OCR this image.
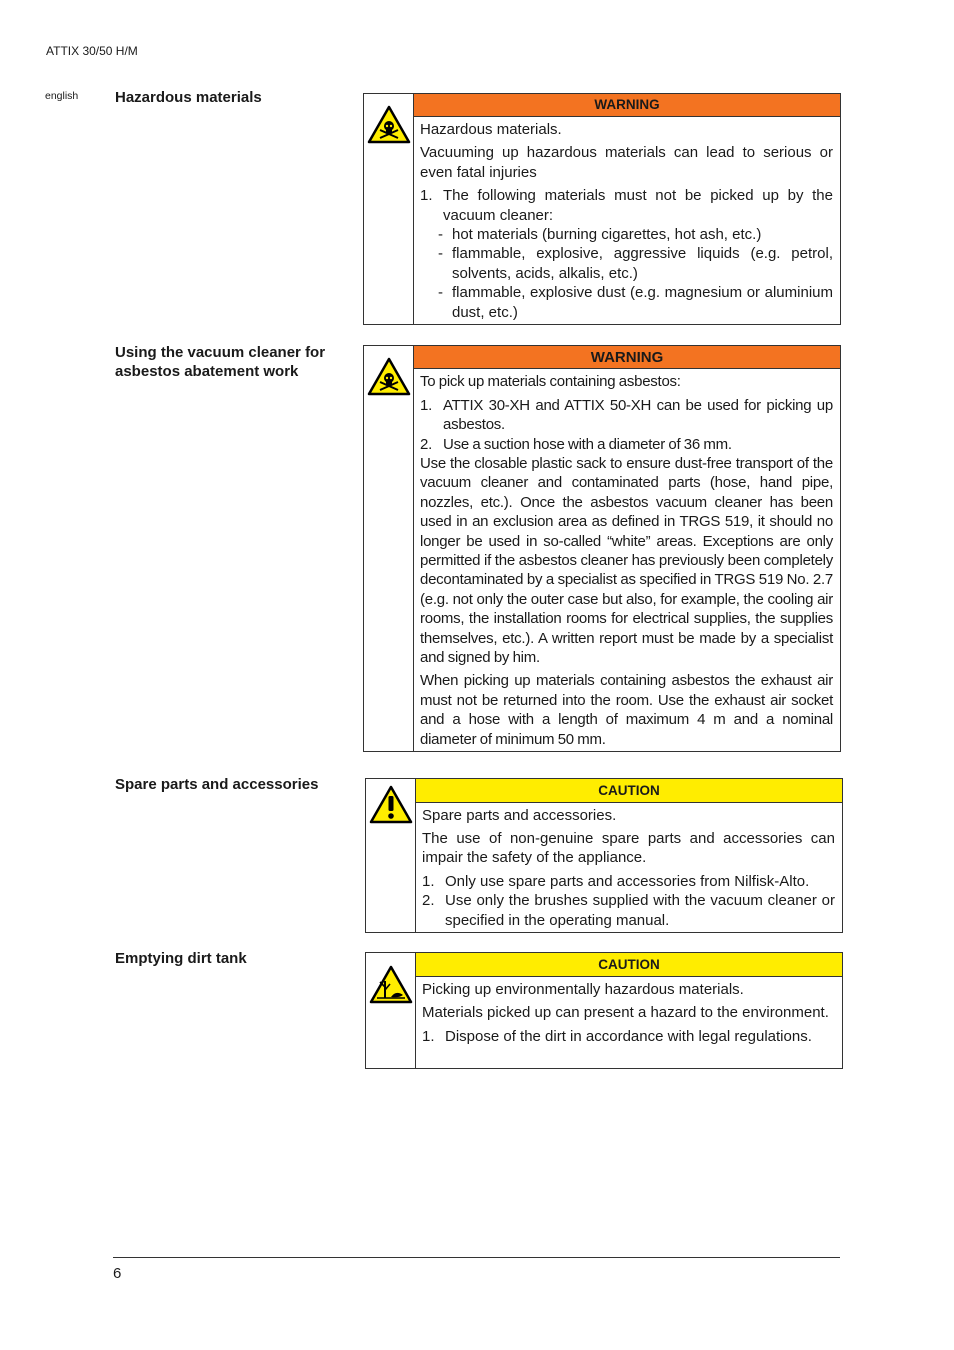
ATTIX 30/50 H/M
english Hazardous materials	WARNING

Hazardous materials.

Vacuuming up hazardous materials can lead to serious or even fatal injuries

1. The following materials must not be picked up by the vacuum cleaner:
- hot materials (burning cigarettes, hot ash, etc.)
- flammable, explosive, aggressive liquids (e.g. petrol, solvents, acids, alkalis, etc.)
- flammable, explosive dust (e.g. magnesium or aluminium dust, etc.)
Using the vacuum cleaner for asbestos abatement work
WARNING

To pick up materials containing asbestos:

1. ATTIX 30-XH and ATTIX 50-XH can be used for picking up asbestos.
2. Use a suction hose with a diameter of 36 mm.

Use the closable plastic sack to ensure dust-free transport of the vacuum cleaner and contaminated parts (hose, hand pipe, nozzles, etc.). Once the asbestos vacuum cleaner has been used in an exclusion area as defined in TRGS 519, it should no longer be used in so-called “white” areas. Exceptions are only permitted if the asbestos cleaner has previously been completely decontaminated by a specialist as specified in TRGS 519 No. 2.7 (e.g. not only the outer case but also, for example, the cooling air rooms, the installation rooms for electrical supplies, the supplies themselves, etc.). A written report must be made by a specialist and signed by him.

When picking up materials containing asbestos the exhaust air must not be returned into the room. Use the exhaust air socket and a hose with a length of maximum 4 m and a nominal diameter of minimum 50 mm.

Spare parts and accessories	CAUTION

Spare parts and accessories.

The use of non-genuine spare parts and accessories can impair the safety of the appliance.

1. Only use spare parts and accessories from Nilfisk-Alto.
2. Use only the brushes supplied with the vacuum cleaner or specified in the operating manual.
Emptying dirt tank	CAUTION

Picking up environmentally hazardous materials.

Materials picked up can present a hazard to the environment.

1. Dispose of the dirt in accordance with legal regulations.
6
